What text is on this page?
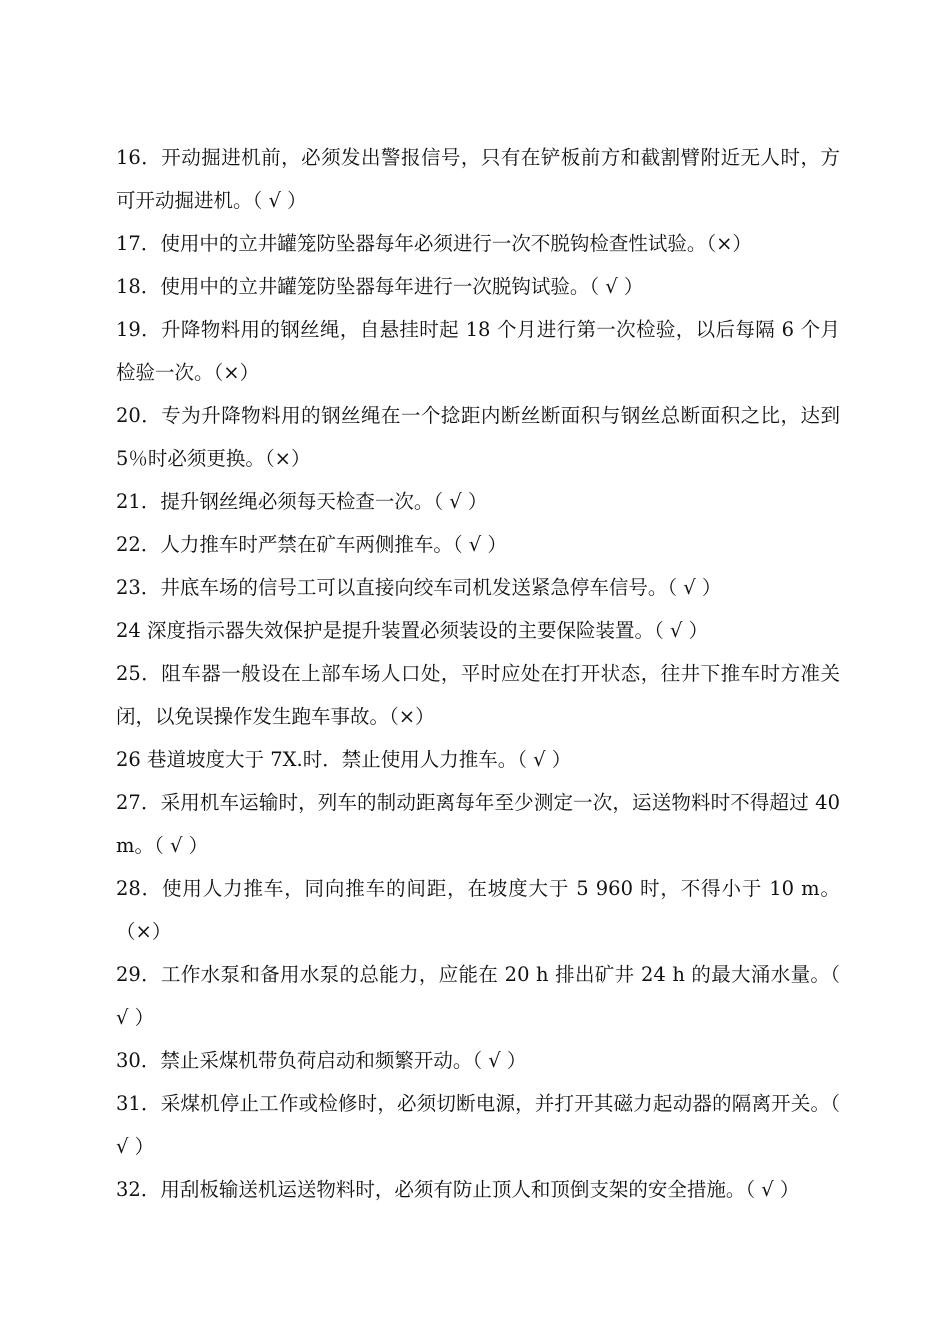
16．开动掘进机前，必须发出警报信号，只有在铲板前方和截割臂附近无人时，方可开动掘进机。（ √ ）

17．使用中的立井罐笼防坠器每年必须进行一次不脱钩检查性试验。（×）

18．使用中的立井罐笼防坠器每年进行一次脱钩试验。（ √ ）

19．升降物料用的钢丝绳，自悬挂时起 18 个月进行第一次检验，以后每隔 6 个月检验一次。（×）

20．专为升降物料用的钢丝绳在一个捻距内断丝断面积与钢丝总断面积之比，达到 5％时必须更换。（×）

21．提升钢丝绳必须每天检查一次。（ √ ）

22．人力推车时严禁在矿车两侧推车。（ √ ）

23．井底车场的信号工可以直接向绞车司机发送紧急停车信号。（ √ ）

24 深度指示器失效保护是提升装置必须装设的主要保险装置。（ √ ）

25．阻车器一般设在上部车场人口处，平时应处在打开状态，往井下推车时方准关闭，以免误操作发生跑车事故。（×）

26 巷道坡度大于 7X.时．禁止使用人力推车。（ √ ）

27．采用机车运输时，列车的制动距离每年至少测定一次，运送物料时不得超过 40 m。（ √ ）

28．使用人力推车，同向推车的间距，在坡度大于 5 960 时，不得小于 10 m。（×）

29．工作水泵和备用水泵的总能力，应能在 20 h 排出矿井 24 h 的最大涌水量。（ √ ）

30．禁止采煤机带负荷启动和频繁开动。（ √ ）

31．采煤机停止工作或检修时，必须切断电源，并打开其磁力起动器的隔离开关。（ √ ）

32．用刮板输送机运送物料时，必须有防止顶人和顶倒支架的安全措施。（ √ ）
